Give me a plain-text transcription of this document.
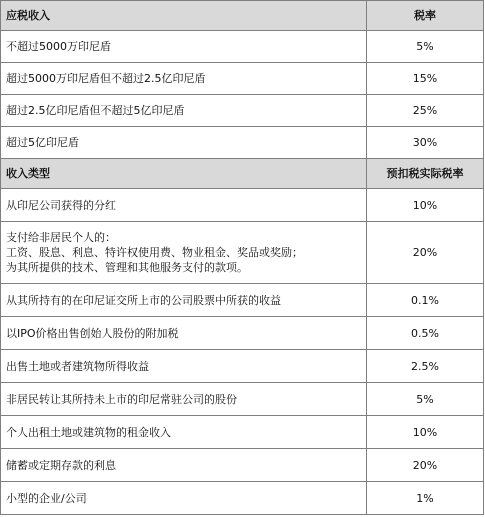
应税收入	税率
不超过5000万印尼盾	5%
超过5000万印尼盾但不超过2.5亿印尼盾	15%
超过2.5亿印尼盾但不超过5亿印尼盾	25%
超过5亿印尼盾	30%
收入类型	预扣税实际税率
从印尼公司获得的分红	10%

支付给非居民个人的：
工资、股息、利息、特许权使用费、物业租金、奖品或奖励；
为其所提供的技术、管理和其他服务支付的款项。	20%
从其所持有的在印尼证交所上市的公司股票中所获的收益	0.1%
以IPO价格出售创始人股份的附加税	0.5%
出售土地或者建筑物所得收益	2.5%
非居民转让其所持未上市的印尼常驻公司的股份	5%
个人出租土地或建筑物的租金收入	10%
储蓄或定期存款的利息	20%
小型的企业/公司	1%
